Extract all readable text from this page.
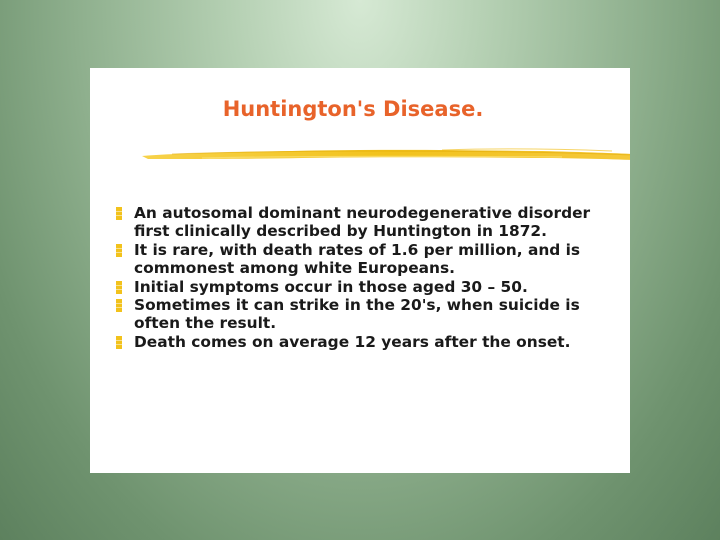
Huntington's Disease.
An autosomal dominant neurodegenerative disorder first clinically described by Huntington in 1872.
It is rare, with death rates of 1.6 per million, and is commonest among white Europeans.
Initial symptoms occur in those aged 30 – 50.
Sometimes it can strike in the 20's, when suicide is often the result.
Death comes on average 12 years after the onset.
